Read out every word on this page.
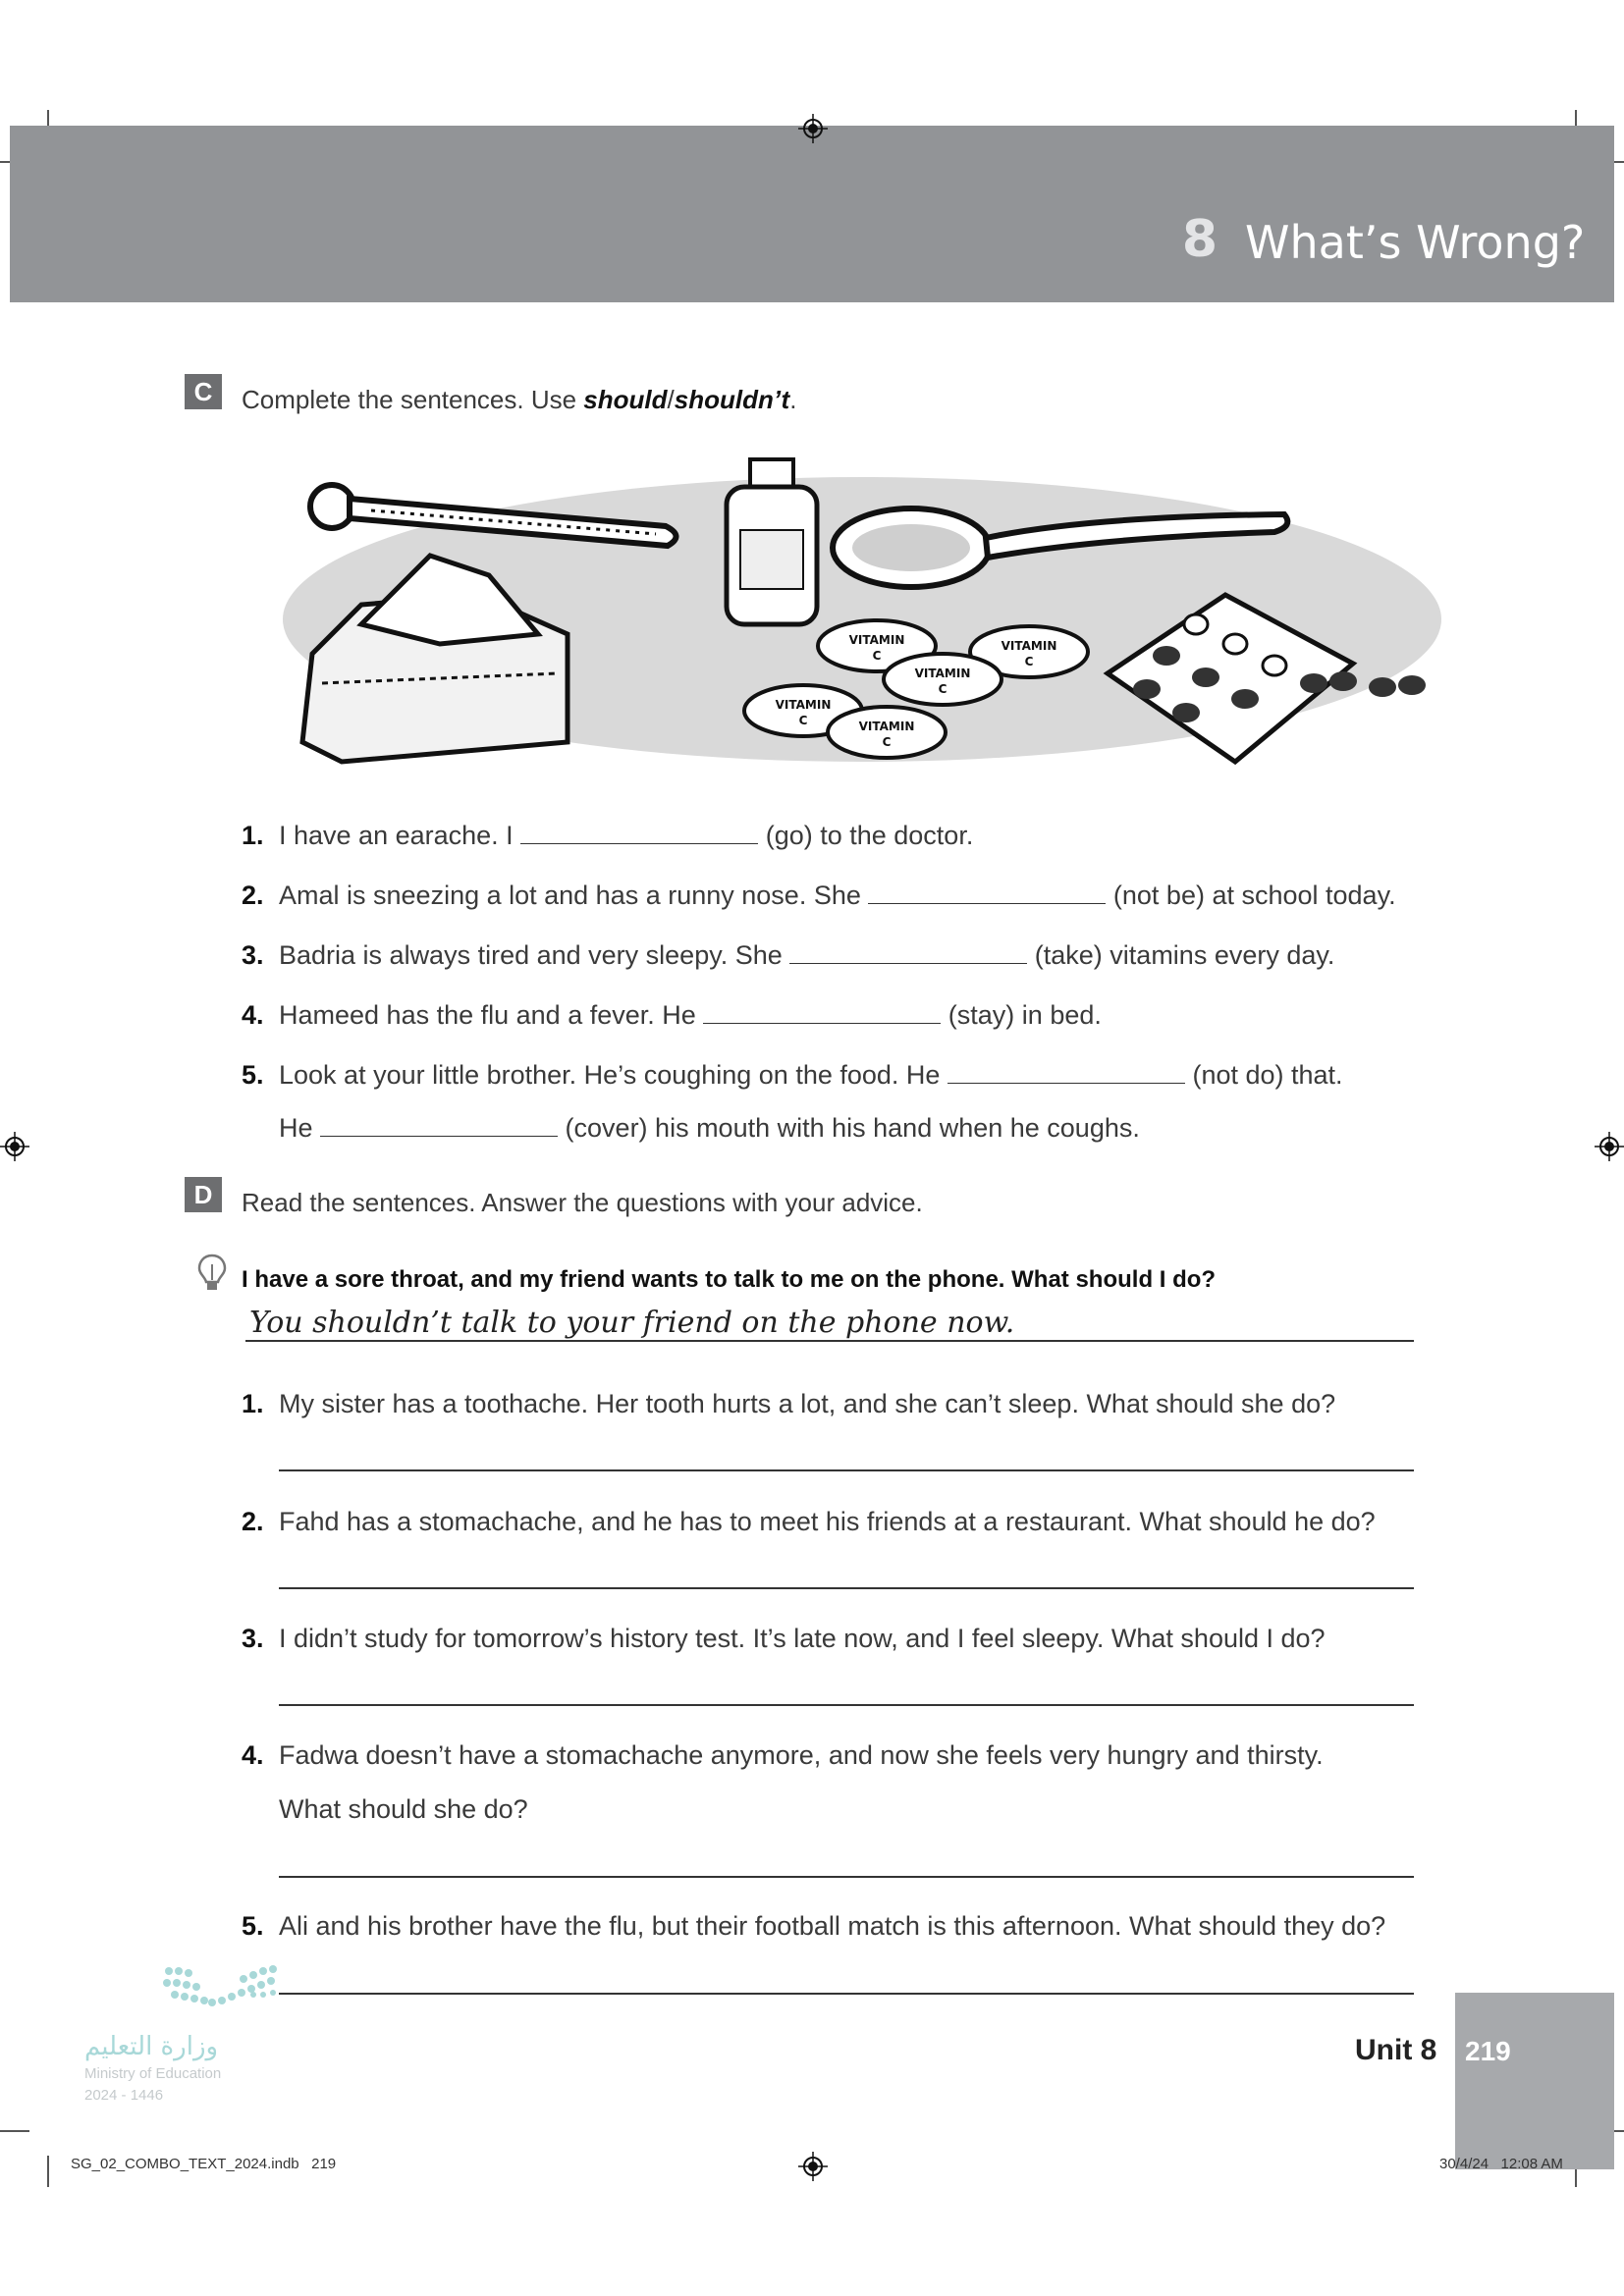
8 What’s Wrong?
C	Complete the sentences. Use should/shouldn’t.
VITAMIN
C
VITAMIN
C
VITAMIN
C
VITAMIN
C	VITAMIN
C
1. I have an earache. I	(go) to the doctor.
2. Amal is sneezing a lot and has a runny nose. She	(not be) at school today.
3. Badria is always tired and very sleepy. She	(take) vitamins every day.
4. Hameed has the flu and a fever. He	(stay) in bed.
5. Look at your little brother. He’s coughing on the food. He	(not do) that.
He	(cover) his mouth with his hand when he coughs.
D	Read the sentences. Answer the questions with your advice.
I have a sore throat, and my friend wants to talk to me on the phone. What should I do?
You shouldn’t talk to your friend on the phone now.
1. My sister has a toothache. Her tooth hurts a lot, and she can’t sleep. What should she do?
2. Fahd has a stomachache, and he has to meet his friends at a restaurant. What should he do?
3. I didn’t study for tomorrow’s history test. It’s late now, and I feel sleepy. What should I do?
4. Fadwa doesn’t have a stomachache anymore, and now she feels very hungry and thirsty.
What should she do?
5. Ali and his brother have the flu, but their football match is this afternoon. What should they do?
وزارة التعليم
Ministry of Education
2024 - 1446
Unit 8 219
SG_02_COMBO_TEXT_2024.indb   219	30/4/24   12:08 AM
